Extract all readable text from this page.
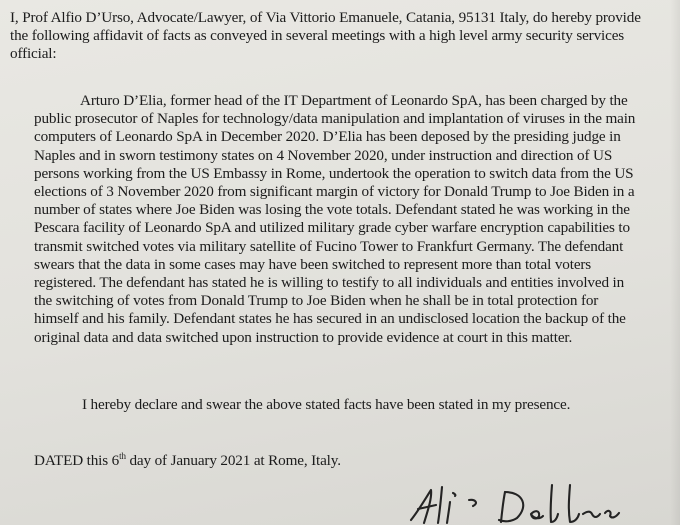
I, Prof Alfio D’Urso, Advocate/Lawyer, of Via Vittorio Emanuele, Catania, 95131 Italy, do hereby provide the following affidavit of facts as conveyed in several meetings with a high level army security services official:

Arturo D’Elia, former head of the IT Department of Leonardo SpA, has been charged by the public prosecutor of Naples for technology/data manipulation and implantation of viruses in the main computers of Leonardo SpA in December 2020. D’Elia has been deposed by the presiding judge in Naples and in sworn testimony states on 4 November 2020, under instruction and direction of US persons working from the US Embassy in Rome, undertook the operation to switch data from the US elections of 3 November 2020 from significant margin of victory for Donald Trump to Joe Biden in a number of states where Joe Biden was losing the vote totals. Defendant stated he was working in the Pescara facility of Leonardo SpA and utilized military grade cyber warfare encryption capabilities to transmit switched votes via military satellite of Fucino Tower to Frankfurt Germany. The defendant swears that the data in some cases may have been switched to represent more than total voters registered. The defendant has stated he is willing to testify to all individuals and entities involved in the switching of votes from Donald Trump to Joe Biden when he shall be in total protection for himself and his family. Defendant states he has secured in an undisclosed location the backup of the original data and data switched upon instruction to provide evidence at court in this matter.

I hereby declare and swear the above stated facts have been stated in my presence.

DATED this 6th day of January 2021 at Rome, Italy.
